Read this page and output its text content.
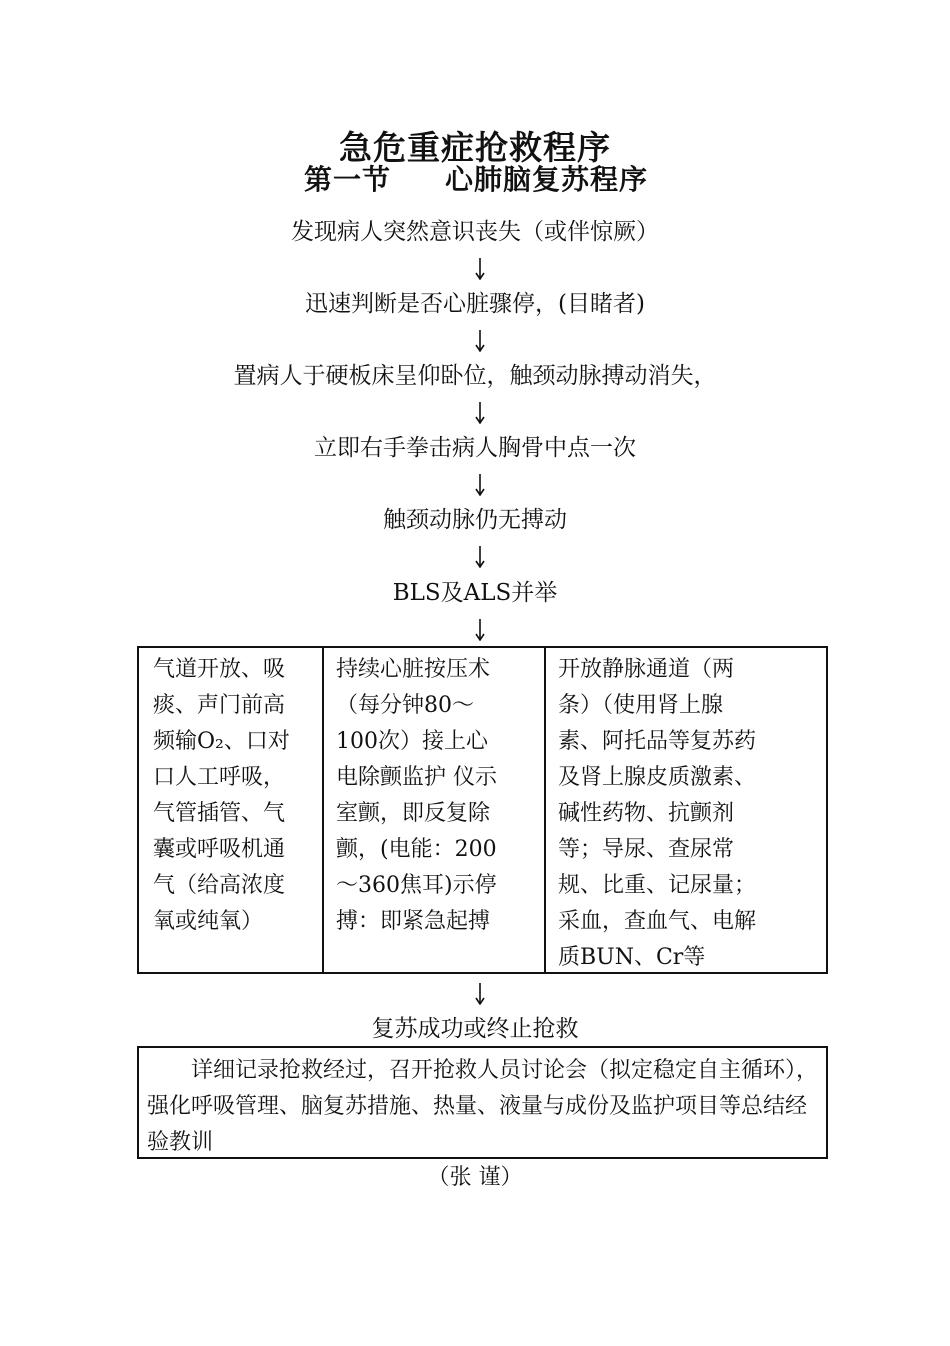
急危重症抢救程序
第一节 心肺脑复苏程序
发现病人突然意识丧失（或伴惊厥）
迅速判断是否心脏骤停，(目睹者)
置病人于硬板床呈仰卧位，触颈动脉搏动消失，
立即右手拳击病人胸骨中点一次
触颈动脉仍无搏动
BLS及ALS并举
气道开放、吸
痰、声门前高
频输O₂、口对
口人工呼吸，
气管插管、气
囊或呼吸机通
气（给高浓度
氧或纯氧）
持续心脏按压术
（每分钟80～
100次）接上心
电除颤监护 仪示
室颤，即反复除
颤，(电能：200
～360焦耳)示停
搏：即紧急起搏
开放静脉通道（两
条）（使用肾上腺
素、阿托品等复苏药
及肾上腺皮质激素、
碱性药物、抗颤剂
等；导尿、查尿常
规、比重、记尿量；
采血，查血气、电解
质BUN、Cr等
复苏成功或终止抢救
详细记录抢救经过，召开抢救人员讨论会（拟定稳定自主循环），强化呼吸管理、脑复苏措施、热量、液量与成份及监护项目等总结经验教训
（张 谨）
